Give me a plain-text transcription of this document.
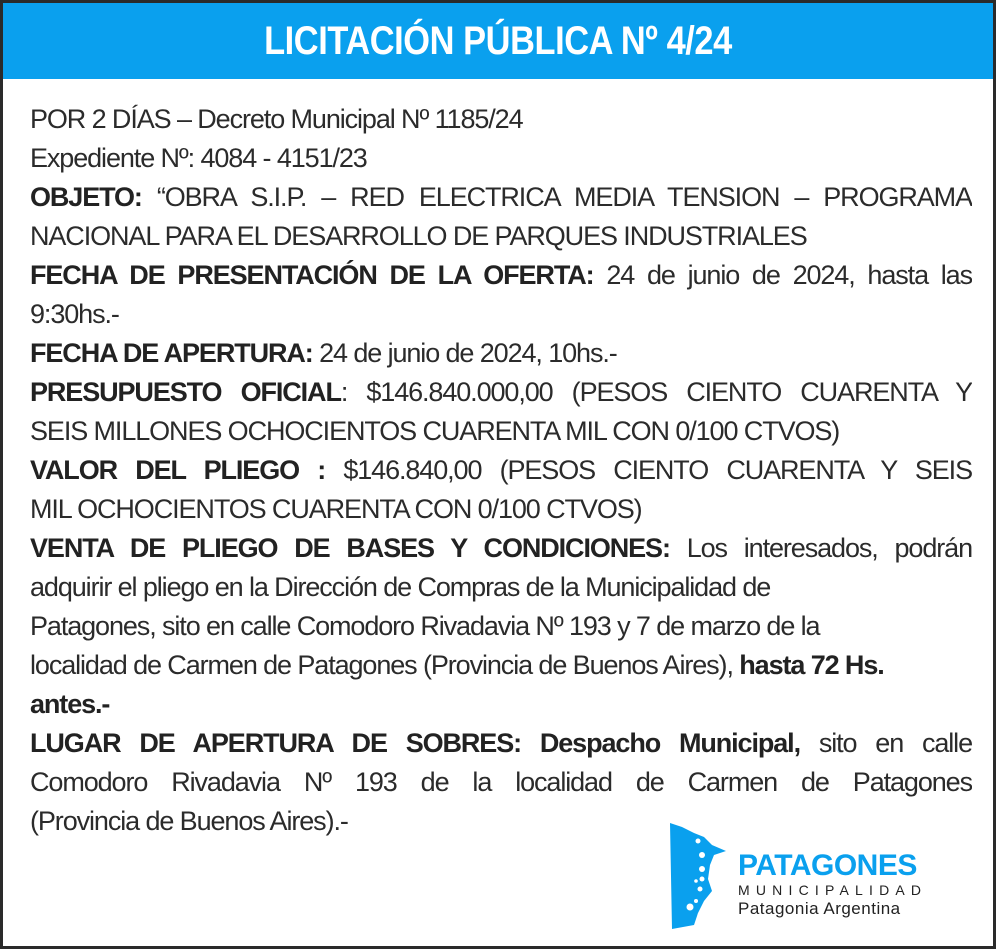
LICITACIÓN PÚBLICA Nº 4/24
POR 2 DÍAS – Decreto Municipal Nº 1185/24
Expediente Nº: 4084 - 4151/23
OBJETO: “OBRA S.I.P. – RED ELECTRICA MEDIA TENSION – PROGRAMA
NACIONAL PARA EL DESARROLLO DE PARQUES INDUSTRIALES
FECHA DE PRESENTACIÓN DE LA OFERTA: 24 de junio de 2024, hasta las
9:30hs.-
FECHA DE APERTURA: 24 de junio de 2024, 10hs.-
PRESUPUESTO OFICIAL: $146.840.000,00 (PESOS CIENTO CUARENTA Y
SEIS MILLONES OCHOCIENTOS CUARENTA MIL CON 0/100 CTVOS)
VALOR DEL PLIEGO : $146.840,00 (PESOS CIENTO CUARENTA Y SEIS
MIL OCHOCIENTOS CUARENTA CON 0/100 CTVOS)
VENTA DE PLIEGO DE BASES Y CONDICIONES: Los interesados, podrán
adquirir el pliego en la Dirección de Compras de la Municipalidad de
Patagones, sito en calle Comodoro Rivadavia Nº 193 y 7 de marzo de la
localidad de Carmen de Patagones (Provincia de Buenos Aires), hasta 72 Hs.
antes.-
LUGAR DE APERTURA DE SOBRES: Despacho Municipal, sito en calle
Comodoro Rivadavia Nº 193 de la localidad de Carmen de Patagones
(Provincia de Buenos Aires).-
PATAGONES
MUNICIPALIDAD
Patagonia Argentina
